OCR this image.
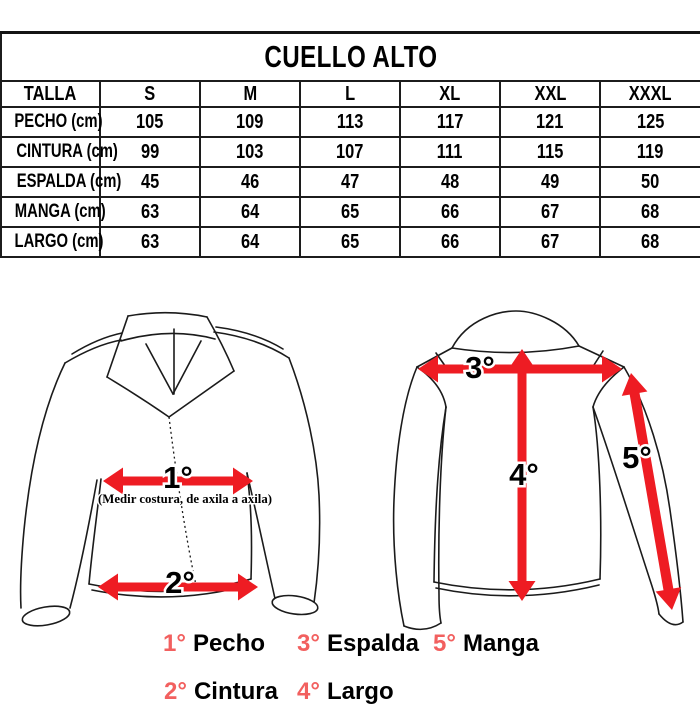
CUELLO ALTO						
TALLA	S	M	L	XL	XXL	XXXL
PECHO (cm)	105	109	113	117	121	125
CINTURA (cm)	99	103	107	111	115	119
ESPALDA (cm)	45	46	47	48	49	50
MANGA (cm)	63	64	65	66	67	68
LARGO (cm)	63	64	65	66	67	68
1°
(Medir costura, de axila a axila)
2°
3°
4°	5°
1° Pecho 3° Espalda 5° Manga
2° Cintura 4° Largo
